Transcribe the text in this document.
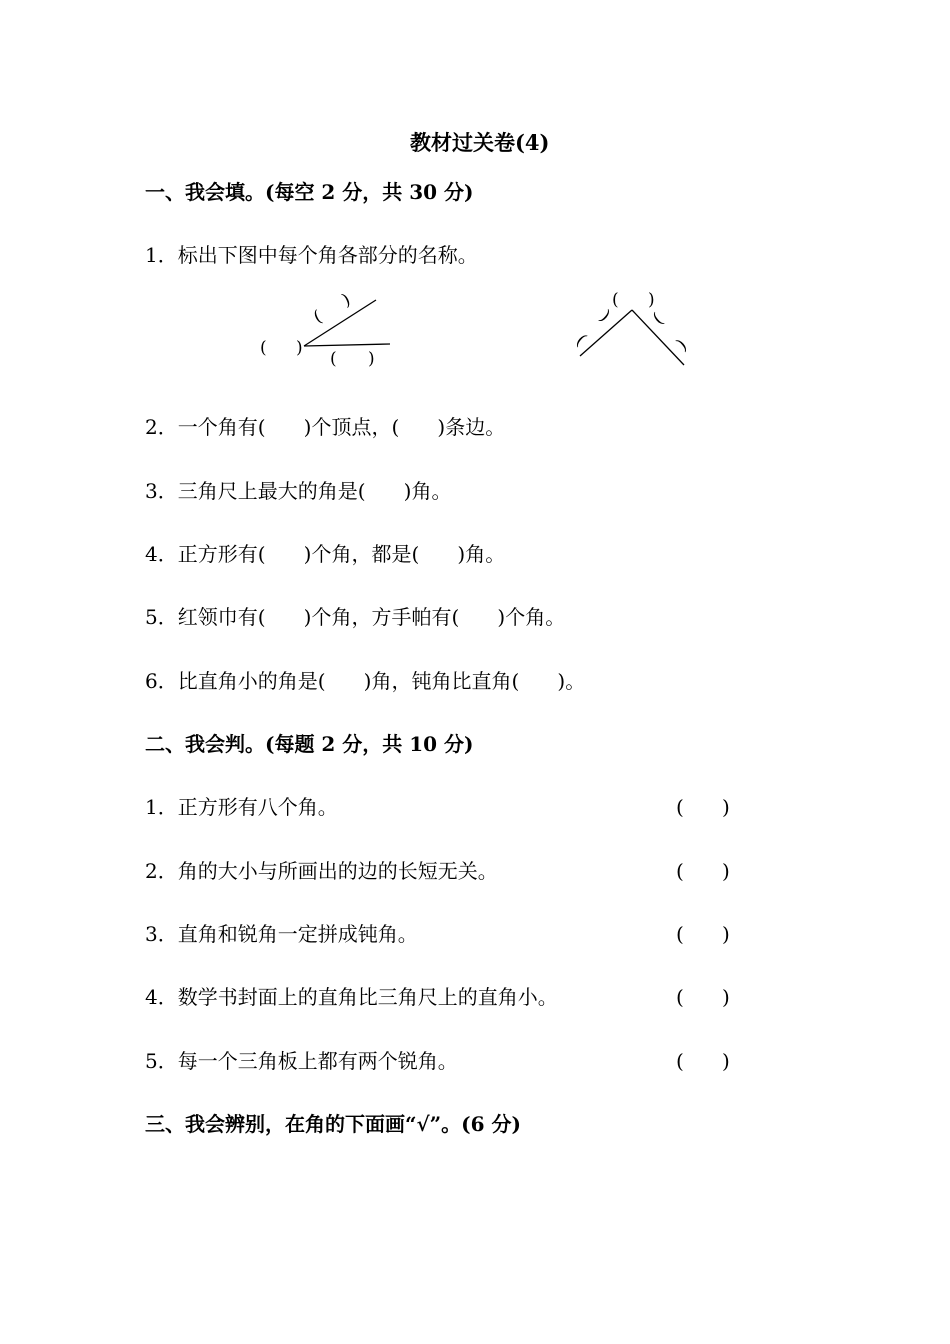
教材过关卷(4)
一、我会填。(每空 2 分，共 30 分)
1．标出下图中每个角各部分的名称。
(
)
( )
( )
( )
(
) (
)
2．一个角有(      )个顶点，(      )条边。
3．三角尺上最大的角是(      )角。
4．正方形有(      )个角，都是(      )角。
5．红领巾有(      )个角，方手帕有(      )个角。
6．比直角小的角是(      )角，钝角比直角(      )。
二、我会判。(每题 2 分，共 10 分)
1．正方形有八个角。	(      )
2．角的大小与所画出的边的长短无关。	(      )
3．直角和锐角一定拼成钝角。	(      )
4．数学书封面上的直角比三角尺上的直角小。	(      )
5．每一个三角板上都有两个锐角。	(      )
三、我会辨别，在角的下面画“√”。(6 分)
